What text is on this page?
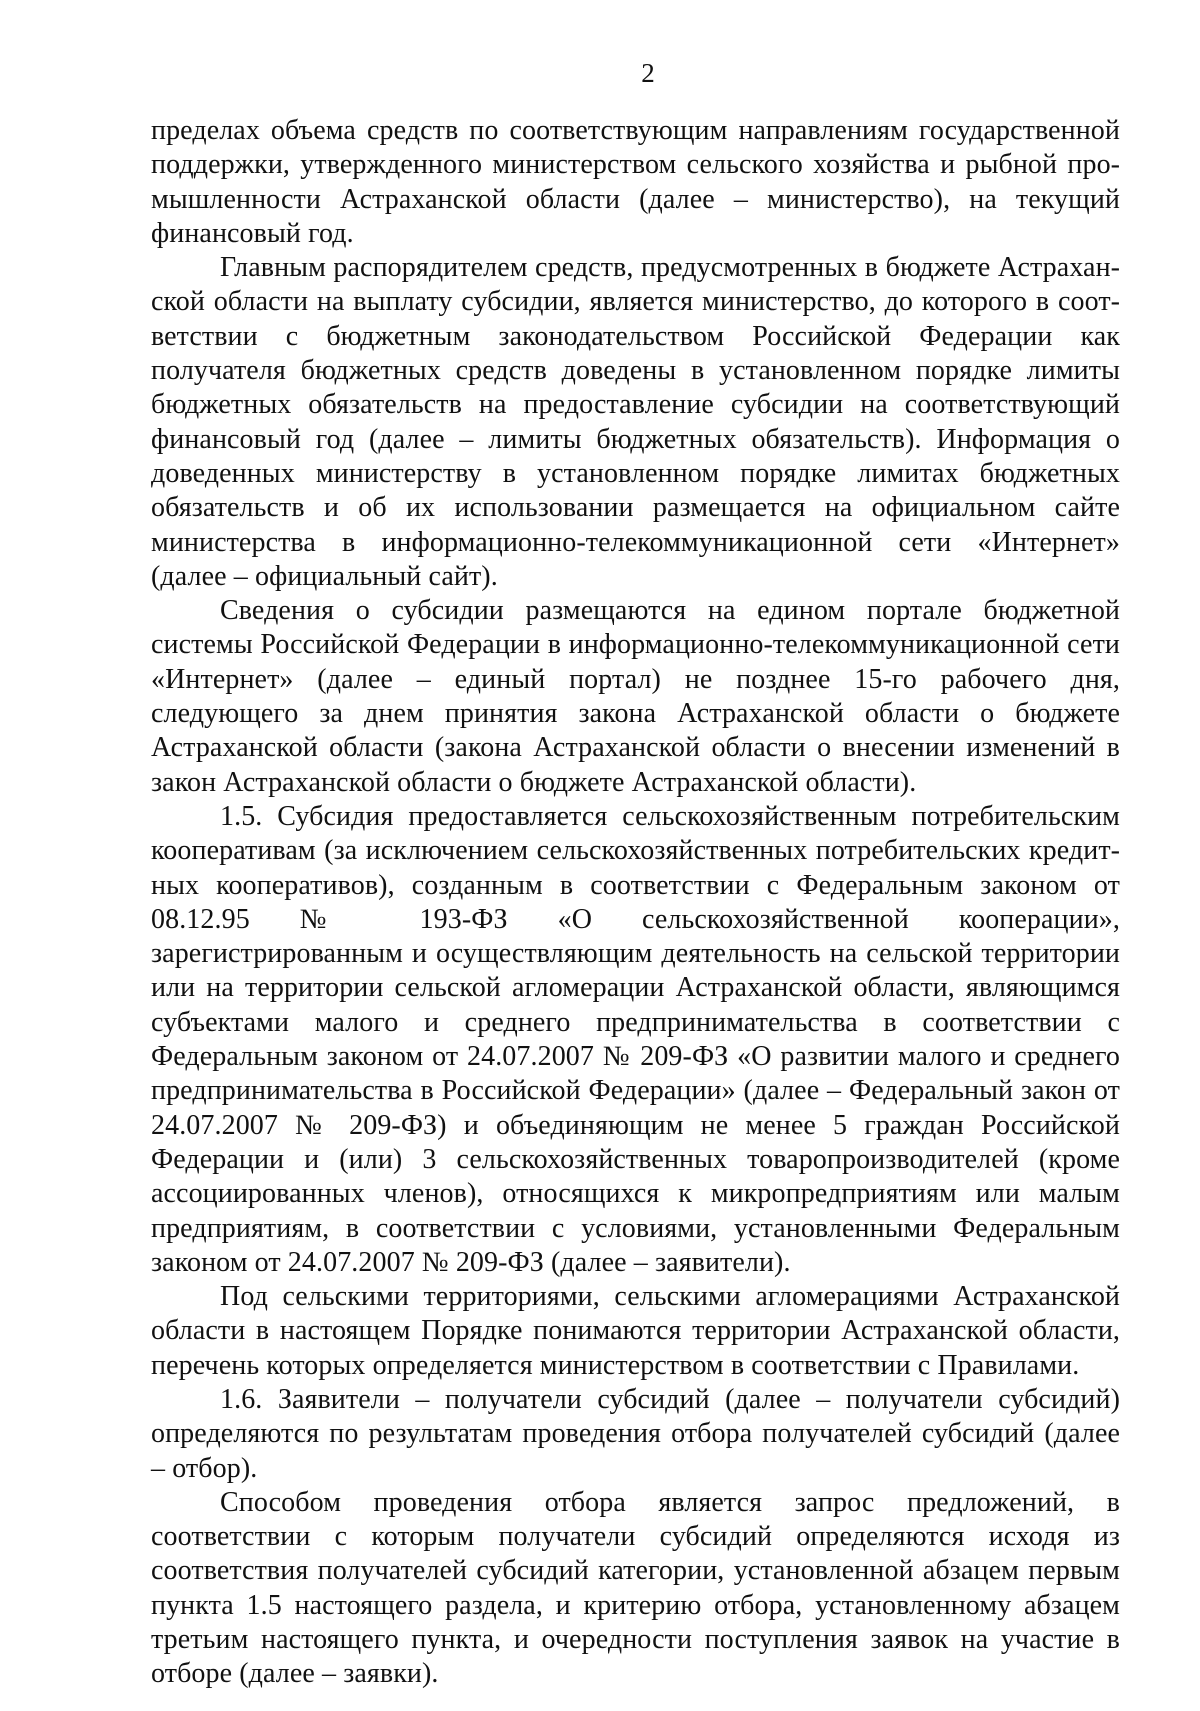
2

пределах объема средств по соответствующим направлениям государственной поддержки, утвержденного министерством сельского хозяйства и рыбной промышленности Астраханской области (далее – министерство), на текущий финансовый год.

Главным распорядителем средств, предусмотренных в бюджете Астраханской области на выплату субсидии, является министерство, до которого в соответствии с бюджетным законодательством Российской Федерации как получателя бюджетных средств доведены в установленном порядке лимиты бюджетных обязательств на предоставление субсидии на соответствующий финансовый год (далее – лимиты бюджетных обязательств). Информация о доведенных министерству в установленном порядке лимитах бюджетных обязательств и об их использовании размещается на официальном сайте министерства в информационно-телекоммуникационной сети «Интернет» (далее – официальный сайт).

Сведения о субсидии размещаются на едином портале бюджетной системы Российской Федерации в информационно-телекоммуникационной сети «Интернет» (далее – единый портал) не позднее 15-го рабочего дня, следующего за днем принятия закона Астраханской области о бюджете Астраханской области (закона Астраханской области о внесении изменений в закон Астраханской области о бюджете Астраханской области).

1.5. Субсидия предоставляется сельскохозяйственным потребительским кооперативам (за исключением сельскохозяйственных потребительских кредитных кооперативов), созданным в соответствии с Федеральным законом от 08.12.95 № 193-ФЗ «О сельскохозяйственной кооперации», зарегистрированным и осуществляющим деятельность на сельской территории или на территории сельской агломерации Астраханской области, являющимся субъектами малого и среднего предпринимательства в соответствии с Федеральным законом от 24.07.2007 № 209-ФЗ «О развитии малого и среднего предпринимательства в Российской Федерации» (далее – Федеральный закон от 24.07.2007 № 209-ФЗ) и объединяющим не менее 5 граждан Российской Федерации и (или) 3 сельскохозяйственных товаропроизводителей (кроме ассоциированных членов), относящихся к микропредприятиям или малым предприятиям, в соответствии с условиями, установленными Федеральным законом от 24.07.2007 № 209-ФЗ (далее – заявители).

Под сельскими территориями, сельскими агломерациями Астраханской области в настоящем Порядке понимаются территории Астраханской области, перечень которых определяется министерством в соответствии с Правилами.

1.6. Заявители – получатели субсидий (далее – получатели субсидий) определяются по результатам проведения отбора получателей субсидий (далее – отбор).

Способом проведения отбора является запрос предложений, в соответствии с которым получатели субсидий определяются исходя из соответствия получателей субсидий категории, установленной абзацем первым пункта 1.5 настоящего раздела, и критерию отбора, установленному абзацем третьим настоящего пункта, и очередности поступления заявок на участие в отборе (далее – заявки).
